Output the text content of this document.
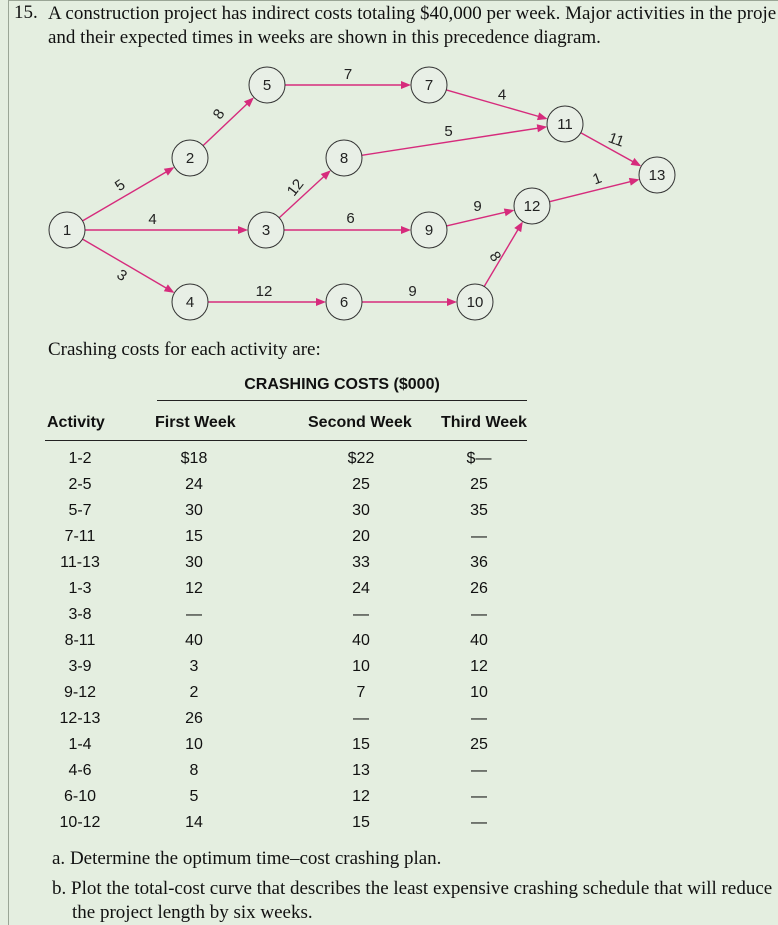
15. A construction project has indirect costs totaling $40,000 per week. Major activities in the proje
and their expected times in weeks are shown in this precedence diagram.
5
4
3
8
7
4
5
12
6
9
12	9
8
11
1
1
2
3
4
5
6
7
8
9
10
11
12
13
Crashing costs for each activity are:
CRASHING COSTS ($000)
Activity	First Week	Second Week Third Week
1-2	$18	$22	$—
2-5	24	25	25
5-7	30	30	35
7-11	15	20	—
11-13	30	33	36
1-3	12	24	26
3-8	—	—	—
8-11	40	40	40
3-9	3	10	12
9-12	2	7	10
12-13	26	—	—
1-4	10	15	25
4-6	8	13	—
6-10	5	12	—
10-12	14	15	—
a. Determine the optimum time–cost crashing plan.
b. Plot the total-cost curve that describes the least expensive crashing schedule that will reduce
the project length by six weeks.
